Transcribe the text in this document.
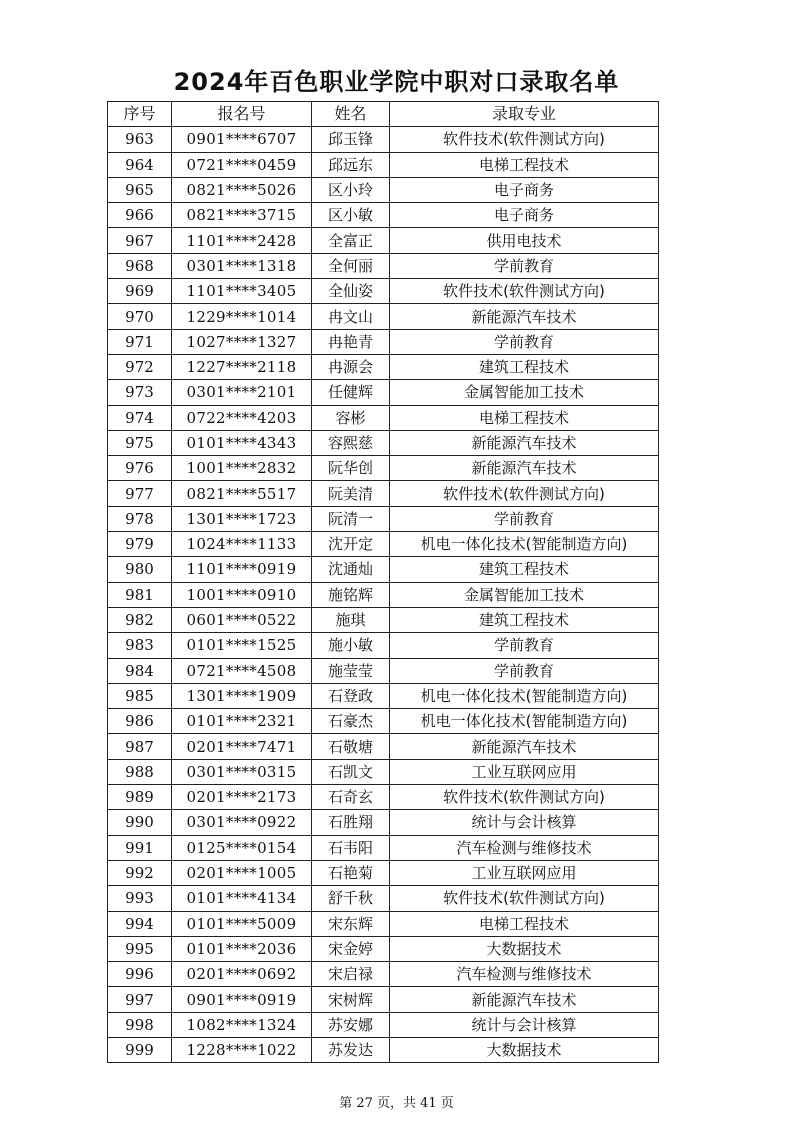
2024年百色职业学院中职对口录取名单
序号	报名号	姓名	录取专业
963	0901****6707	邱玉锋	软件技术(软件测试方向)
964	0721****0459	邱远东	电梯工程技术
965	0821****5026	区小玲	电子商务
966	0821****3715	区小敏	电子商务
967	1101****2428	全富正	供用电技术
968	0301****1318	全何丽	学前教育
969	1101****3405	全仙姿	软件技术(软件测试方向)
970	1229****1014	冉文山	新能源汽车技术
971	1027****1327	冉艳青	学前教育
972	1227****2118	冉源会	建筑工程技术
973	0301****2101	任健辉	金属智能加工技术
974	0722****4203	容彬	电梯工程技术
975	0101****4343	容熙慈	新能源汽车技术
976	1001****2832	阮华创	新能源汽车技术
977	0821****5517	阮美清	软件技术(软件测试方向)
978	1301****1723	阮清一	学前教育
979	1024****1133	沈开定	机电一体化技术(智能制造方向)
980	1101****0919	沈通灿	建筑工程技术
981	1001****0910	施铭辉	金属智能加工技术
982	0601****0522	施琪	建筑工程技术
983	0101****1525	施小敏	学前教育
984	0721****4508	施莹莹	学前教育
985	1301****1909	石登政	机电一体化技术(智能制造方向)
986	0101****2321	石豪杰	机电一体化技术(智能制造方向)
987	0201****7471	石敬塘	新能源汽车技术
988	0301****0315	石凯文	工业互联网应用
989	0201****2173	石奇玄	软件技术(软件测试方向)
990	0301****0922	石胜翔	统计与会计核算
991	0125****0154	石韦阳	汽车检测与维修技术
992	0201****1005	石艳菊	工业互联网应用
993	0101****4134	舒千秋	软件技术(软件测试方向)
994	0101****5009	宋东辉	电梯工程技术
995	0101****2036	宋金婷	大数据技术
996	0201****0692	宋启禄	汽车检测与维修技术
997	0901****0919	宋树辉	新能源汽车技术
998	1082****1324	苏安娜	统计与会计核算
999	1228****1022	苏发达	大数据技术
第 27 页，共 41 页
